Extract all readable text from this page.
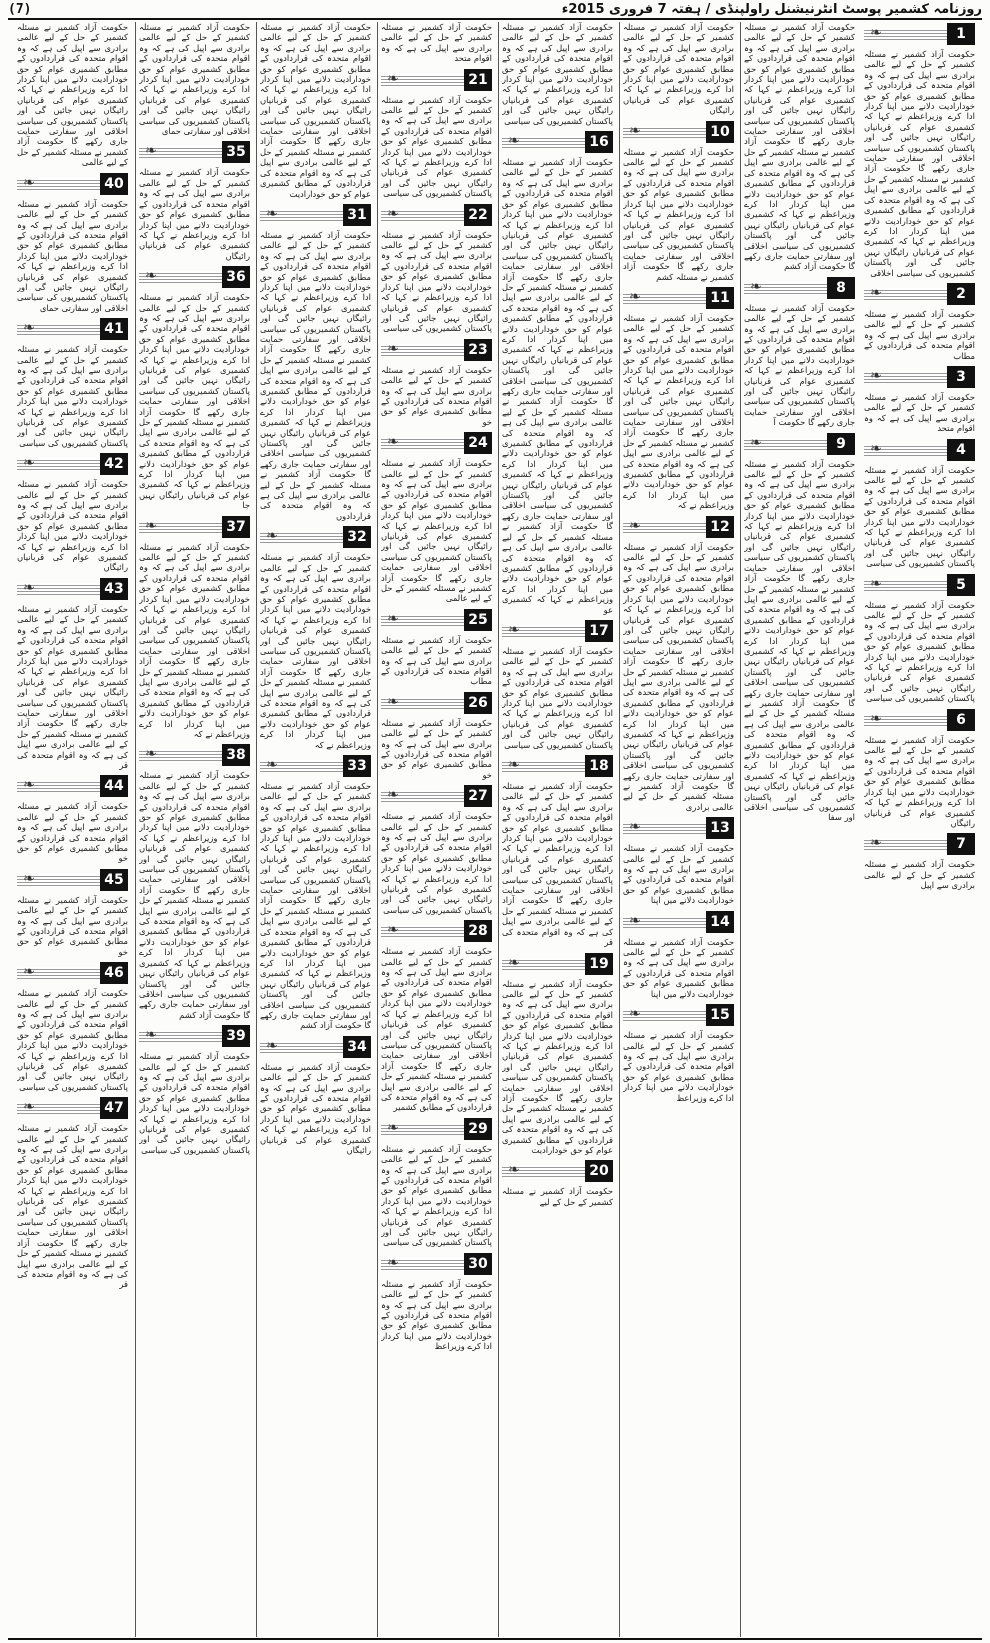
(7)	روزنامہ کشمیر پوسٹ انٹرنیشنل راولپنڈی / ہفتہ 7 فروری 2015ء
❧	1
حکومت آزاد کشمیر نے مسئلہ کشمیر کے حل کے لیے عالمی برادری سے اپیل کی ہے کہ وہ اقوام متحدہ کی قراردادوں کے مطابق کشمیری عوام کو حق خودارادیت دلانے میں اپنا کردار ادا کرے وزیراعظم نے کہا کہ کشمیری عوام کی قربانیاں رائیگاں نہیں جائیں گی اور پاکستان کشمیریوں کی سیاسی اخلاقی اور سفارتی حمایت جاری رکھے گا حکومت آزاد کشمیر نے مسئلہ کشمیر کے حل کے لیے عالمی برادری سے اپیل کی ہے کہ وہ اقوام متحدہ کی قراردادوں کے مطابق کشمیری عوام کو حق خودارادیت دلانے میں اپنا کردار ادا کرے وزیراعظم نے کہا کہ کشمیری عوام کی قربانیاں رائیگاں نہیں جائیں گی اور پاکستان کشمیریوں کی سیاسی اخلاقی
❧	2
حکومت آزاد کشمیر نے مسئلہ کشمیر کے حل کے لیے عالمی برادری سے اپیل کی ہے کہ وہ اقوام متحدہ کی قراردادوں کے مطاب
❧	3
حکومت آزاد کشمیر نے مسئلہ کشمیر کے حل کے لیے عالمی برادری سے اپیل کی ہے کہ وہ اقوام متحد
❧	4
حکومت آزاد کشمیر نے مسئلہ کشمیر کے حل کے لیے عالمی برادری سے اپیل کی ہے کہ وہ اقوام متحدہ کی قراردادوں کے مطابق کشمیری عوام کو حق خودارادیت دلانے میں اپنا کردار ادا کرے وزیراعظم نے کہا کہ کشمیری عوام کی قربانیاں رائیگاں نہیں جائیں گی اور پاکستان کشمیریوں کی سیاسی
❧	5
حکومت آزاد کشمیر نے مسئلہ کشمیر کے حل کے لیے عالمی برادری سے اپیل کی ہے کہ وہ اقوام متحدہ کی قراردادوں کے مطابق کشمیری عوام کو حق خودارادیت دلانے میں اپنا کردار ادا کرے وزیراعظم نے کہا کہ کشمیری عوام کی قربانیاں رائیگاں نہیں جائیں گی اور پاکستان کشمیریوں کی سیاسی
❧	6
حکومت آزاد کشمیر نے مسئلہ کشمیر کے حل کے لیے عالمی برادری سے اپیل کی ہے کہ وہ اقوام متحدہ کی قراردادوں کے مطابق کشمیری عوام کو حق خودارادیت دلانے میں اپنا کردار ادا کرے وزیراعظم نے کہا کہ کشمیری عوام کی قربانیاں رائیگاں
❧	7
حکومت آزاد کشمیر نے مسئلہ کشمیر کے حل کے لیے عالمی برادری سے اپیل
حکومت آزاد کشمیر نے مسئلہ کشمیر کے حل کے لیے عالمی برادری سے اپیل کی ہے کہ وہ اقوام متحدہ کی قراردادوں کے مطابق کشمیری عوام کو حق خودارادیت دلانے میں اپنا کردار ادا کرے وزیراعظم نے کہا کہ کشمیری عوام کی قربانیاں رائیگاں نہیں جائیں گی اور پاکستان کشمیریوں کی سیاسی اخلاقی اور سفارتی حمایت جاری رکھے گا حکومت آزاد کشمیر نے مسئلہ کشمیر کے حل کے لیے عالمی برادری سے اپیل کی ہے کہ وہ اقوام متحدہ کی قراردادوں کے مطابق کشمیری عوام کو حق خودارادیت دلانے میں اپنا کردار ادا کرے وزیراعظم نے کہا کہ کشمیری عوام کی قربانیاں رائیگاں نہیں جائیں گی اور پاکستان کشمیریوں کی سیاسی اخلاقی اور سفارتی حمایت جاری رکھے گا حکومت آزاد کشم
❧	8
حکومت آزاد کشمیر نے مسئلہ کشمیر کے حل کے لیے عالمی برادری سے اپیل کی ہے کہ وہ اقوام متحدہ کی قراردادوں کے مطابق کشمیری عوام کو حق خودارادیت دلانے میں اپنا کردار ادا کرے وزیراعظم نے کہا کہ کشمیری عوام کی قربانیاں رائیگاں نہیں جائیں گی اور پاکستان کشمیریوں کی سیاسی اخلاقی اور سفارتی حمایت جاری رکھے گا حکومت آ
❧	9
حکومت آزاد کشمیر نے مسئلہ کشمیر کے حل کے لیے عالمی برادری سے اپیل کی ہے کہ وہ اقوام متحدہ کی قراردادوں کے مطابق کشمیری عوام کو حق خودارادیت دلانے میں اپنا کردار ادا کرے وزیراعظم نے کہا کہ کشمیری عوام کی قربانیاں رائیگاں نہیں جائیں گی اور پاکستان کشمیریوں کی سیاسی اخلاقی اور سفارتی حمایت جاری رکھے گا حکومت آزاد کشمیر نے مسئلہ کشمیر کے حل کے لیے عالمی برادری سے اپیل کی ہے کہ وہ اقوام متحدہ کی قراردادوں کے مطابق کشمیری عوام کو حق خودارادیت دلانے میں اپنا کردار ادا کرے وزیراعظم نے کہا کہ کشمیری عوام کی قربانیاں رائیگاں نہیں جائیں گی اور پاکستان کشمیریوں کی سیاسی اخلاقی اور سفارتی حمایت جاری رکھے گا حکومت آزاد کشمیر نے مسئلہ کشمیر کے حل کے لیے عالمی برادری سے اپیل کی ہے کہ وہ اقوام متحدہ کی قراردادوں کے مطابق کشمیری عوام کو حق خودارادیت دلانے میں اپنا کردار ادا کرے وزیراعظم نے کہا کہ کشمیری عوام کی قربانیاں رائیگاں نہیں جائیں گی اور پاکستان کشمیریوں کی سیاسی اخلاقی اور سفا
حکومت آزاد کشمیر نے مسئلہ کشمیر کے حل کے لیے عالمی برادری سے اپیل کی ہے کہ وہ اقوام متحدہ کی قراردادوں کے مطابق کشمیری عوام کو حق خودارادیت دلانے میں اپنا کردار ادا کرے وزیراعظم نے کہا کہ کشمیری عوام کی قربانیاں رائیگاں
❧	10
حکومت آزاد کشمیر نے مسئلہ کشمیر کے حل کے لیے عالمی برادری سے اپیل کی ہے کہ وہ اقوام متحدہ کی قراردادوں کے مطابق کشمیری عوام کو حق خودارادیت دلانے میں اپنا کردار ادا کرے وزیراعظم نے کہا کہ کشمیری عوام کی قربانیاں رائیگاں نہیں جائیں گی اور پاکستان کشمیریوں کی سیاسی اخلاقی اور سفارتی حمایت جاری رکھے گا حکومت آزاد کشمیر نے مسئلہ کشم
❧	11
حکومت آزاد کشمیر نے مسئلہ کشمیر کے حل کے لیے عالمی برادری سے اپیل کی ہے کہ وہ اقوام متحدہ کی قراردادوں کے مطابق کشمیری عوام کو حق خودارادیت دلانے میں اپنا کردار ادا کرے وزیراعظم نے کہا کہ کشمیری عوام کی قربانیاں رائیگاں نہیں جائیں گی اور پاکستان کشمیریوں کی سیاسی اخلاقی اور سفارتی حمایت جاری رکھے گا حکومت آزاد کشمیر نے مسئلہ کشمیر کے حل کے لیے عالمی برادری سے اپیل کی ہے کہ وہ اقوام متحدہ کی قراردادوں کے مطابق کشمیری عوام کو حق خودارادیت دلانے میں اپنا کردار ادا کرے وزیراعظم نے کہ
❧	12
حکومت آزاد کشمیر نے مسئلہ کشمیر کے حل کے لیے عالمی برادری سے اپیل کی ہے کہ وہ اقوام متحدہ کی قراردادوں کے مطابق کشمیری عوام کو حق خودارادیت دلانے میں اپنا کردار ادا کرے وزیراعظم نے کہا کہ کشمیری عوام کی قربانیاں رائیگاں نہیں جائیں گی اور پاکستان کشمیریوں کی سیاسی اخلاقی اور سفارتی حمایت جاری رکھے گا حکومت آزاد کشمیر نے مسئلہ کشمیر کے حل کے لیے عالمی برادری سے اپیل کی ہے کہ وہ اقوام متحدہ کی قراردادوں کے مطابق کشمیری عوام کو حق خودارادیت دلانے میں اپنا کردار ادا کرے وزیراعظم نے کہا کہ کشمیری عوام کی قربانیاں رائیگاں نہیں جائیں گی اور پاکستان کشمیریوں کی سیاسی اخلاقی اور سفارتی حمایت جاری رکھے گا حکومت آزاد کشمیر نے مسئلہ کشمیر کے حل کے لیے عالمی برادری
❧	13
حکومت آزاد کشمیر نے مسئلہ کشمیر کے حل کے لیے عالمی برادری سے اپیل کی ہے کہ وہ اقوام متحدہ کی قراردادوں کے مطابق کشمیری عوام کو حق خودارادیت دلانے میں اپنا
❧	14
حکومت آزاد کشمیر نے مسئلہ کشمیر کے حل کے لیے عالمی برادری سے اپیل کی ہے کہ وہ اقوام متحدہ کی قراردادوں کے مطابق کشمیری عوام کو حق خودارادیت دلانے میں اپنا
❧	15
حکومت آزاد کشمیر نے مسئلہ کشمیر کے حل کے لیے عالمی برادری سے اپیل کی ہے کہ وہ اقوام متحدہ کی قراردادوں کے مطابق کشمیری عوام کو حق خودارادیت دلانے میں اپنا کردار ادا کرے وزیراعظ
حکومت آزاد کشمیر نے مسئلہ کشمیر کے حل کے لیے عالمی برادری سے اپیل کی ہے کہ وہ اقوام متحدہ کی قراردادوں کے مطابق کشمیری عوام کو حق خودارادیت دلانے میں اپنا کردار ادا کرے وزیراعظم نے کہا کہ کشمیری عوام کی قربانیاں رائیگاں نہیں جائیں گی اور پاکستان کشمیریوں کی سیاسی
❧	16
حکومت آزاد کشمیر نے مسئلہ کشمیر کے حل کے لیے عالمی برادری سے اپیل کی ہے کہ وہ اقوام متحدہ کی قراردادوں کے مطابق کشمیری عوام کو حق خودارادیت دلانے میں اپنا کردار ادا کرے وزیراعظم نے کہا کہ کشمیری عوام کی قربانیاں رائیگاں نہیں جائیں گی اور پاکستان کشمیریوں کی سیاسی اخلاقی اور سفارتی حمایت جاری رکھے گا حکومت آزاد کشمیر نے مسئلہ کشمیر کے حل کے لیے عالمی برادری سے اپیل کی ہے کہ وہ اقوام متحدہ کی قراردادوں کے مطابق کشمیری عوام کو حق خودارادیت دلانے میں اپنا کردار ادا کرے وزیراعظم نے کہا کہ کشمیری عوام کی قربانیاں رائیگاں نہیں جائیں گی اور پاکستان کشمیریوں کی سیاسی اخلاقی اور سفارتی حمایت جاری رکھے گا حکومت آزاد کشمیر نے مسئلہ کشمیر کے حل کے لیے عالمی برادری سے اپیل کی ہے کہ وہ اقوام متحدہ کی قراردادوں کے مطابق کشمیری عوام کو حق خودارادیت دلانے میں اپنا کردار ادا کرے وزیراعظم نے کہا کہ کشمیری عوام کی قربانیاں رائیگاں نہیں جائیں گی اور پاکستان کشمیریوں کی سیاسی اخلاقی اور سفارتی حمایت جاری رکھے گا حکومت آزاد کشمیر نے مسئلہ کشمیر کے حل کے لیے عالمی برادری سے اپیل کی ہے کہ وہ اقوام متحدہ کی قراردادوں کے مطابق کشمیری عوام کو حق خودارادیت دلانے میں اپنا کردار ادا کرے وزیراعظم نے کہا کہ کشمیری عو
❧	17
حکومت آزاد کشمیر نے مسئلہ کشمیر کے حل کے لیے عالمی برادری سے اپیل کی ہے کہ وہ اقوام متحدہ کی قراردادوں کے مطابق کشمیری عوام کو حق خودارادیت دلانے میں اپنا کردار ادا کرے وزیراعظم نے کہا کہ کشمیری عوام کی قربانیاں رائیگاں نہیں جائیں گی اور پاکستان کشمیریوں کی سیاسی
❧	18
حکومت آزاد کشمیر نے مسئلہ کشمیر کے حل کے لیے عالمی برادری سے اپیل کی ہے کہ وہ اقوام متحدہ کی قراردادوں کے مطابق کشمیری عوام کو حق خودارادیت دلانے میں اپنا کردار ادا کرے وزیراعظم نے کہا کہ کشمیری عوام کی قربانیاں رائیگاں نہیں جائیں گی اور پاکستان کشمیریوں کی سیاسی اخلاقی اور سفارتی حمایت جاری رکھے گا حکومت آزاد کشمیر نے مسئلہ کشمیر کے حل کے لیے عالمی برادری سے اپیل کی ہے کہ وہ اقوام متحدہ کی قر
❧	19
حکومت آزاد کشمیر نے مسئلہ کشمیر کے حل کے لیے عالمی برادری سے اپیل کی ہے کہ وہ اقوام متحدہ کی قراردادوں کے مطابق کشمیری عوام کو حق خودارادیت دلانے میں اپنا کردار ادا کرے وزیراعظم نے کہا کہ کشمیری عوام کی قربانیاں رائیگاں نہیں جائیں گی اور پاکستان کشمیریوں کی سیاسی اخلاقی اور سفارتی حمایت جاری رکھے گا حکومت آزاد کشمیر نے مسئلہ کشمیر کے حل کے لیے عالمی برادری سے اپیل کی ہے کہ وہ اقوام متحدہ کی قراردادوں کے مطابق کشمیری عوام کو حق خودارادیت
❧	20
حکومت آزاد کشمیر نے مسئلہ کشمیر کے حل کے لیے
حکومت آزاد کشمیر نے مسئلہ کشمیر کے حل کے لیے عالمی برادری سے اپیل کی ہے کہ وہ اقوام متحد
❧	21
حکومت آزاد کشمیر نے مسئلہ کشمیر کے حل کے لیے عالمی برادری سے اپیل کی ہے کہ وہ اقوام متحدہ کی قراردادوں کے مطابق کشمیری عوام کو حق خودارادیت دلانے میں اپنا کردار ادا کرے وزیراعظم نے کہا کہ کشمیری عوام کی قربانیاں رائیگاں نہیں جائیں گی اور پاکستان کشمیریوں کی سیاسی
❧	22
حکومت آزاد کشمیر نے مسئلہ کشمیر کے حل کے لیے عالمی برادری سے اپیل کی ہے کہ وہ اقوام متحدہ کی قراردادوں کے مطابق کشمیری عوام کو حق خودارادیت دلانے میں اپنا کردار ادا کرے وزیراعظم نے کہا کہ کشمیری عوام کی قربانیاں رائیگاں نہیں جائیں گی اور پاکستان کشمیریوں کی سیاسی
❧	23
حکومت آزاد کشمیر نے مسئلہ کشمیر کے حل کے لیے عالمی برادری سے اپیل کی ہے کہ وہ اقوام متحدہ کی قراردادوں کے مطابق کشمیری عوام کو حق خو
❧	24
حکومت آزاد کشمیر نے مسئلہ کشمیر کے حل کے لیے عالمی برادری سے اپیل کی ہے کہ وہ اقوام متحدہ کی قراردادوں کے مطابق کشمیری عوام کو حق خودارادیت دلانے میں اپنا کردار ادا کرے وزیراعظم نے کہا کہ کشمیری عوام کی قربانیاں رائیگاں نہیں جائیں گی اور پاکستان کشمیریوں کی سیاسی اخلاقی اور سفارتی حمایت جاری رکھے گا حکومت آزاد کشمیر نے مسئلہ کشمیر کے حل کے لیے عالمی
❧	25
حکومت آزاد کشمیر نے مسئلہ کشمیر کے حل کے لیے عالمی برادری سے اپیل کی ہے کہ وہ اقوام متحدہ کی قراردادوں کے مطاب
❧	26
حکومت آزاد کشمیر نے مسئلہ کشمیر کے حل کے لیے عالمی برادری سے اپیل کی ہے کہ وہ اقوام متحدہ کی قراردادوں کے مطابق کشمیری عوام کو حق خو
❧	27
حکومت آزاد کشمیر نے مسئلہ کشمیر کے حل کے لیے عالمی برادری سے اپیل کی ہے کہ وہ اقوام متحدہ کی قراردادوں کے مطابق کشمیری عوام کو حق خودارادیت دلانے میں اپنا کردار ادا کرے وزیراعظم نے کہا کہ کشمیری عوام کی قربانیاں رائیگاں نہیں جائیں گی اور پاکستان کشمیریوں کی سیاسی
❧	28
حکومت آزاد کشمیر نے مسئلہ کشمیر کے حل کے لیے عالمی برادری سے اپیل کی ہے کہ وہ اقوام متحدہ کی قراردادوں کے مطابق کشمیری عوام کو حق خودارادیت دلانے میں اپنا کردار ادا کرے وزیراعظم نے کہا کہ کشمیری عوام کی قربانیاں رائیگاں نہیں جائیں گی اور پاکستان کشمیریوں کی سیاسی اخلاقی اور سفارتی حمایت جاری رکھے گا حکومت آزاد کشمیر نے مسئلہ کشمیر کے حل کے لیے عالمی برادری سے اپیل کی ہے کہ وہ اقوام متحدہ کی قراردادوں کے مطابق کشمیر
❧	29
حکومت آزاد کشمیر نے مسئلہ کشمیر کے حل کے لیے عالمی برادری سے اپیل کی ہے کہ وہ اقوام متحدہ کی قراردادوں کے مطابق کشمیری عوام کو حق خودارادیت دلانے میں اپنا کردار ادا کرے وزیراعظم نے کہا کہ کشمیری عوام کی قربانیاں رائیگاں نہیں جائیں گی اور پاکستان کشمیریوں کی سیاسی
❧	30
حکومت آزاد کشمیر نے مسئلہ کشمیر کے حل کے لیے عالمی برادری سے اپیل کی ہے کہ وہ اقوام متحدہ کی قراردادوں کے مطابق کشمیری عوام کو حق خودارادیت دلانے میں اپنا کردار ادا کرے وزیراعظ
حکومت آزاد کشمیر نے مسئلہ کشمیر کے حل کے لیے عالمی برادری سے اپیل کی ہے کہ وہ اقوام متحدہ کی قراردادوں کے مطابق کشمیری عوام کو حق خودارادیت دلانے میں اپنا کردار ادا کرے وزیراعظم نے کہا کہ کشمیری عوام کی قربانیاں رائیگاں نہیں جائیں گی اور پاکستان کشمیریوں کی سیاسی اخلاقی اور سفارتی حمایت جاری رکھے گا حکومت آزاد کشمیر نے مسئلہ کشمیر کے حل کے لیے عالمی برادری سے اپیل کی ہے کہ وہ اقوام متحدہ کی قراردادوں کے مطابق کشمیری عوام کو حق خودارادیت
❧	31
حکومت آزاد کشمیر نے مسئلہ کشمیر کے حل کے لیے عالمی برادری سے اپیل کی ہے کہ وہ اقوام متحدہ کی قراردادوں کے مطابق کشمیری عوام کو حق خودارادیت دلانے میں اپنا کردار ادا کرے وزیراعظم نے کہا کہ کشمیری عوام کی قربانیاں رائیگاں نہیں جائیں گی اور پاکستان کشمیریوں کی سیاسی اخلاقی اور سفارتی حمایت جاری رکھے گا حکومت آزاد کشمیر نے مسئلہ کشمیر کے حل کے لیے عالمی برادری سے اپیل کی ہے کہ وہ اقوام متحدہ کی قراردادوں کے مطابق کشمیری عوام کو حق خودارادیت دلانے میں اپنا کردار ادا کرے وزیراعظم نے کہا کہ کشمیری عوام کی قربانیاں رائیگاں نہیں جائیں گی اور پاکستان کشمیریوں کی سیاسی اخلاقی اور سفارتی حمایت جاری رکھے گا حکومت آزاد کشمیر نے مسئلہ کشمیر کے حل کے لیے عالمی برادری سے اپیل کی ہے کہ وہ اقوام متحدہ کی قراردادوں
❧	32
حکومت آزاد کشمیر نے مسئلہ کشمیر کے حل کے لیے عالمی برادری سے اپیل کی ہے کہ وہ اقوام متحدہ کی قراردادوں کے مطابق کشمیری عوام کو حق خودارادیت دلانے میں اپنا کردار ادا کرے وزیراعظم نے کہا کہ کشمیری عوام کی قربانیاں رائیگاں نہیں جائیں گی اور پاکستان کشمیریوں کی سیاسی اخلاقی اور سفارتی حمایت جاری رکھے گا حکومت آزاد کشمیر نے مسئلہ کشمیر کے حل کے لیے عالمی برادری سے اپیل کی ہے کہ وہ اقوام متحدہ کی قراردادوں کے مطابق کشمیری عوام کو حق خودارادیت دلانے میں اپنا کردار ادا کرے وزیراعظم نے کہ
❧	33
حکومت آزاد کشمیر نے مسئلہ کشمیر کے حل کے لیے عالمی برادری سے اپیل کی ہے کہ وہ اقوام متحدہ کی قراردادوں کے مطابق کشمیری عوام کو حق خودارادیت دلانے میں اپنا کردار ادا کرے وزیراعظم نے کہا کہ کشمیری عوام کی قربانیاں رائیگاں نہیں جائیں گی اور پاکستان کشمیریوں کی سیاسی اخلاقی اور سفارتی حمایت جاری رکھے گا حکومت آزاد کشمیر نے مسئلہ کشمیر کے حل کے لیے عالمی برادری سے اپیل کی ہے کہ وہ اقوام متحدہ کی قراردادوں کے مطابق کشمیری عوام کو حق خودارادیت دلانے میں اپنا کردار ادا کرے وزیراعظم نے کہا کہ کشمیری عوام کی قربانیاں رائیگاں نہیں جائیں گی اور پاکستان کشمیریوں کی سیاسی اخلاقی اور سفارتی حمایت جاری رکھے گا حکومت آزاد کشم
❧	34
حکومت آزاد کشمیر نے مسئلہ کشمیر کے حل کے لیے عالمی برادری سے اپیل کی ہے کہ وہ اقوام متحدہ کی قراردادوں کے مطابق کشمیری عوام کو حق خودارادیت دلانے میں اپنا کردار ادا کرے وزیراعظم نے کہا کہ کشمیری عوام کی قربانیاں رائیگاں
حکومت آزاد کشمیر نے مسئلہ کشمیر کے حل کے لیے عالمی برادری سے اپیل کی ہے کہ وہ اقوام متحدہ کی قراردادوں کے مطابق کشمیری عوام کو حق خودارادیت دلانے میں اپنا کردار ادا کرے وزیراعظم نے کہا کہ کشمیری عوام کی قربانیاں رائیگاں نہیں جائیں گی اور پاکستان کشمیریوں کی سیاسی اخلاقی اور سفارتی حمای
❧	35
حکومت آزاد کشمیر نے مسئلہ کشمیر کے حل کے لیے عالمی برادری سے اپیل کی ہے کہ وہ اقوام متحدہ کی قراردادوں کے مطابق کشمیری عوام کو حق خودارادیت دلانے میں اپنا کردار ادا کرے وزیراعظم نے کہا کہ کشمیری عوام کی قربانیاں رائیگاں
❧	36
حکومت آزاد کشمیر نے مسئلہ کشمیر کے حل کے لیے عالمی برادری سے اپیل کی ہے کہ وہ اقوام متحدہ کی قراردادوں کے مطابق کشمیری عوام کو حق خودارادیت دلانے میں اپنا کردار ادا کرے وزیراعظم نے کہا کہ کشمیری عوام کی قربانیاں رائیگاں نہیں جائیں گی اور پاکستان کشمیریوں کی سیاسی اخلاقی اور سفارتی حمایت جاری رکھے گا حکومت آزاد کشمیر نے مسئلہ کشمیر کے حل کے لیے عالمی برادری سے اپیل کی ہے کہ وہ اقوام متحدہ کی قراردادوں کے مطابق کشمیری عوام کو حق خودارادیت دلانے میں اپنا کردار ادا کرے وزیراعظم نے کہا کہ کشمیری عوام کی قربانیاں رائیگاں نہیں جا
❧	37
حکومت آزاد کشمیر نے مسئلہ کشمیر کے حل کے لیے عالمی برادری سے اپیل کی ہے کہ وہ اقوام متحدہ کی قراردادوں کے مطابق کشمیری عوام کو حق خودارادیت دلانے میں اپنا کردار ادا کرے وزیراعظم نے کہا کہ کشمیری عوام کی قربانیاں رائیگاں نہیں جائیں گی اور پاکستان کشمیریوں کی سیاسی اخلاقی اور سفارتی حمایت جاری رکھے گا حکومت آزاد کشمیر نے مسئلہ کشمیر کے حل کے لیے عالمی برادری سے اپیل کی ہے کہ وہ اقوام متحدہ کی قراردادوں کے مطابق کشمیری عوام کو حق خودارادیت دلانے میں اپنا کردار ادا کرے وزیراعظم نے کہ
❧	38
حکومت آزاد کشمیر نے مسئلہ کشمیر کے حل کے لیے عالمی برادری سے اپیل کی ہے کہ وہ اقوام متحدہ کی قراردادوں کے مطابق کشمیری عوام کو حق خودارادیت دلانے میں اپنا کردار ادا کرے وزیراعظم نے کہا کہ کشمیری عوام کی قربانیاں رائیگاں نہیں جائیں گی اور پاکستان کشمیریوں کی سیاسی اخلاقی اور سفارتی حمایت جاری رکھے گا حکومت آزاد کشمیر نے مسئلہ کشمیر کے حل کے لیے عالمی برادری سے اپیل کی ہے کہ وہ اقوام متحدہ کی قراردادوں کے مطابق کشمیری عوام کو حق خودارادیت دلانے میں اپنا کردار ادا کرے وزیراعظم نے کہا کہ کشمیری عوام کی قربانیاں رائیگاں نہیں جائیں گی اور پاکستان کشمیریوں کی سیاسی اخلاقی اور سفارتی حمایت جاری رکھے گا حکومت آزاد کشم
❧	39
حکومت آزاد کشمیر نے مسئلہ کشمیر کے حل کے لیے عالمی برادری سے اپیل کی ہے کہ وہ اقوام متحدہ کی قراردادوں کے مطابق کشمیری عوام کو حق خودارادیت دلانے میں اپنا کردار ادا کرے وزیراعظم نے کہا کہ کشمیری عوام کی قربانیاں رائیگاں نہیں جائیں گی اور پاکستان کشمیریوں کی سیاسی
حکومت آزاد کشمیر نے مسئلہ کشمیر کے حل کے لیے عالمی برادری سے اپیل کی ہے کہ وہ اقوام متحدہ کی قراردادوں کے مطابق کشمیری عوام کو حق خودارادیت دلانے میں اپنا کردار ادا کرے وزیراعظم نے کہا کہ کشمیری عوام کی قربانیاں رائیگاں نہیں جائیں گی اور پاکستان کشمیریوں کی سیاسی اخلاقی اور سفارتی حمایت جاری رکھے گا حکومت آزاد کشمیر نے مسئلہ کشمیر کے حل کے لیے عالمی
❧	40
حکومت آزاد کشمیر نے مسئلہ کشمیر کے حل کے لیے عالمی برادری سے اپیل کی ہے کہ وہ اقوام متحدہ کی قراردادوں کے مطابق کشمیری عوام کو حق خودارادیت دلانے میں اپنا کردار ادا کرے وزیراعظم نے کہا کہ کشمیری عوام کی قربانیاں رائیگاں نہیں جائیں گی اور پاکستان کشمیریوں کی سیاسی اخلاقی اور سفارتی حمای
❧	41
حکومت آزاد کشمیر نے مسئلہ کشمیر کے حل کے لیے عالمی برادری سے اپیل کی ہے کہ وہ اقوام متحدہ کی قراردادوں کے مطابق کشمیری عوام کو حق خودارادیت دلانے میں اپنا کردار ادا کرے وزیراعظم نے کہا کہ کشمیری عوام کی قربانیاں رائیگاں نہیں جائیں گی اور پاکستان کشمیریوں کی سیاسی
❧	42
حکومت آزاد کشمیر نے مسئلہ کشمیر کے حل کے لیے عالمی برادری سے اپیل کی ہے کہ وہ اقوام متحدہ کی قراردادوں کے مطابق کشمیری عوام کو حق خودارادیت دلانے میں اپنا کردار ادا کرے وزیراعظم نے کہا کہ کشمیری عوام کی قربانیاں رائیگاں
❧	43
حکومت آزاد کشمیر نے مسئلہ کشمیر کے حل کے لیے عالمی برادری سے اپیل کی ہے کہ وہ اقوام متحدہ کی قراردادوں کے مطابق کشمیری عوام کو حق خودارادیت دلانے میں اپنا کردار ادا کرے وزیراعظم نے کہا کہ کشمیری عوام کی قربانیاں رائیگاں نہیں جائیں گی اور پاکستان کشمیریوں کی سیاسی اخلاقی اور سفارتی حمایت جاری رکھے گا حکومت آزاد کشمیر نے مسئلہ کشمیر کے حل کے لیے عالمی برادری سے اپیل کی ہے کہ وہ اقوام متحدہ کی قر
❧	44
حکومت آزاد کشمیر نے مسئلہ کشمیر کے حل کے لیے عالمی برادری سے اپیل کی ہے کہ وہ اقوام متحدہ کی قراردادوں کے مطابق کشمیری عوام کو حق خو
❧	45
حکومت آزاد کشمیر نے مسئلہ کشمیر کے حل کے لیے عالمی برادری سے اپیل کی ہے کہ وہ اقوام متحدہ کی قراردادوں کے مطابق کشمیری عوام کو حق خو
❧	46
حکومت آزاد کشمیر نے مسئلہ کشمیر کے حل کے لیے عالمی برادری سے اپیل کی ہے کہ وہ اقوام متحدہ کی قراردادوں کے مطابق کشمیری عوام کو حق خودارادیت دلانے میں اپنا کردار ادا کرے وزیراعظم نے کہا کہ کشمیری عوام کی قربانیاں رائیگاں نہیں جائیں گی اور پاکستان کشمیریوں کی سیاسی
❧	47
حکومت آزاد کشمیر نے مسئلہ کشمیر کے حل کے لیے عالمی برادری سے اپیل کی ہے کہ وہ اقوام متحدہ کی قراردادوں کے مطابق کشمیری عوام کو حق خودارادیت دلانے میں اپنا کردار ادا کرے وزیراعظم نے کہا کہ کشمیری عوام کی قربانیاں رائیگاں نہیں جائیں گی اور پاکستان کشمیریوں کی سیاسی اخلاقی اور سفارتی حمایت جاری رکھے گا حکومت آزاد کشمیر نے مسئلہ کشمیر کے حل کے لیے عالمی برادری سے اپیل کی ہے کہ وہ اقوام متحدہ کی قر
